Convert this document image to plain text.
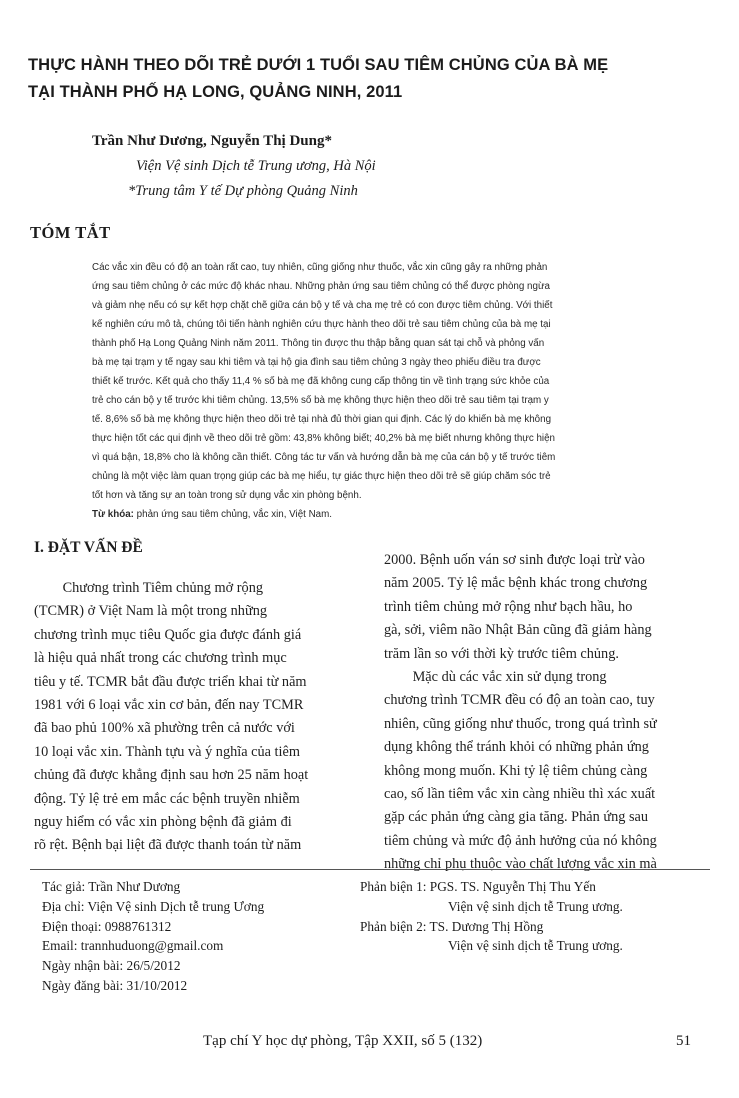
THỰC HÀNH THEO DÕI TRẺ DƯỚI 1 TUỔI SAU TIÊM CHỦNG CỦA BÀ MẸ
TẠI THÀNH PHỐ HẠ LONG, QUẢNG NINH, 2011
Trần Như Dương, Nguyễn Thị Dung*
Viện Vệ sinh Dịch tễ Trung ương, Hà Nội
*Trung tâm Y tế Dự phòng Quảng Ninh
TÓM TẮT
Các vắc xin đều có độ an toàn rất cao, tuy nhiên, cũng giống như thuốc, vắc xin cũng gây ra những phản
ứng sau tiêm chủng ở các mức độ khác nhau. Những phản ứng sau tiêm chủng có thể được phòng ngừa
và giảm nhẹ nếu có sự kết hợp chặt chẽ giữa cán bộ y tế và cha mẹ trẻ có con được tiêm chủng. Với thiết
kế nghiên cứu mô tả, chúng tôi tiến hành nghiên cứu thực hành theo dõi trẻ sau tiêm chủng của bà mẹ tại
thành phố Hạ Long Quảng Ninh năm 2011. Thông tin được thu thập bằng quan sát tại chỗ và phỏng vấn
bà mẹ tại trạm y tế ngay sau khi tiêm và tại hộ gia đình sau tiêm chủng 3 ngày theo phiếu điều tra được
thiết kế trước. Kết quả cho thấy 11,4 % số bà mẹ đã không cung cấp thông tin về tình trạng sức khỏe của
trẻ cho cán bộ y tế trước khi tiêm chủng. 13,5% số bà mẹ không thực hiện theo dõi trẻ sau tiêm tại trạm y
tế. 8,6% số bà mẹ không thực hiện theo dõi trẻ tại nhà đủ thời gian qui định. Các lý do khiến bà mẹ không
thực hiện tốt các qui định về theo dõi trẻ gồm: 43,8% không biết; 40,2% bà mẹ biết nhưng không thực hiện
vì quá bận, 18,8% cho là không cần thiết. Công tác tư vấn và hướng dẫn bà mẹ của cán bộ y tế trước tiêm
chủng là một việc làm quan trọng giúp các bà mẹ hiểu, tự giác thực hiện theo dõi trẻ sẽ giúp chăm sóc trẻ
tốt hơn và tăng sự an toàn trong sử dụng vắc xin phòng bệnh.
Từ khóa: phản ứng sau tiêm chủng, vắc xin, Việt Nam.
I. ĐẶT VẤN ĐỀ
Chương trình Tiêm chủng mở rộng
(TCMR) ở Việt Nam là một trong những
chương trình mục tiêu Quốc gia được đánh giá
là hiệu quả nhất trong các chương trình mục
tiêu y tế. TCMR bắt đầu được triển khai từ năm
1981 với 6 loại vắc xin cơ bản, đến nay TCMR
đã bao phủ 100% xã phường trên cả nước với
10 loại vắc xin. Thành tựu và ý nghĩa của tiêm
chủng đã được khẳng định sau hơn 25 năm hoạt
động. Tỷ lệ trẻ em mắc các bệnh truyền nhiễm
nguy hiểm có vắc xin phòng bệnh đã giảm đi
rõ rệt. Bệnh bại liệt đã được thanh toán từ năm
2000. Bệnh uốn ván sơ sinh được loại trừ vào
năm 2005. Tỷ lệ mắc bệnh khác trong chương
trình tiêm chủng mở rộng như bạch hầu, ho
gà, sởi, viêm não Nhật Bản cũng đã giảm hàng
trăm lần so với thời kỳ trước tiêm chủng.
Mặc dù các vắc xin sử dụng trong
chương trình TCMR đều có độ an toàn cao, tuy
nhiên, cũng giống như thuốc, trong quá trình sử
dụng không thể tránh khỏi có những phản ứng
không mong muốn. Khi tỷ lệ tiêm chủng càng
cao, số lần tiêm vắc xin càng nhiều thì xác xuất
gặp các phản ứng càng gia tăng. Phản ứng sau
tiêm chủng và mức độ ảnh hưởng của nó không
những chỉ phụ thuộc vào chất lượng vắc xin mà
Tác giả: Trần Như Dương
Địa chỉ: Viện Vệ sinh Dịch tễ trung Ương
Điện thoại: 0988761312
Email: trannhuduong@gmail.com
Ngày nhận bài: 26/5/2012
Ngày đăng bài: 31/10/2012
Phản biện 1: PGS. TS. Nguyễn Thị Thu Yến
Viện vệ sinh dịch tễ Trung ương.
Phản biện 2: TS. Dương Thị Hồng
Viện vệ sinh dịch tễ Trung ương.
Tạp chí Y học dự phòng, Tập XXII, số 5 (132)	51
